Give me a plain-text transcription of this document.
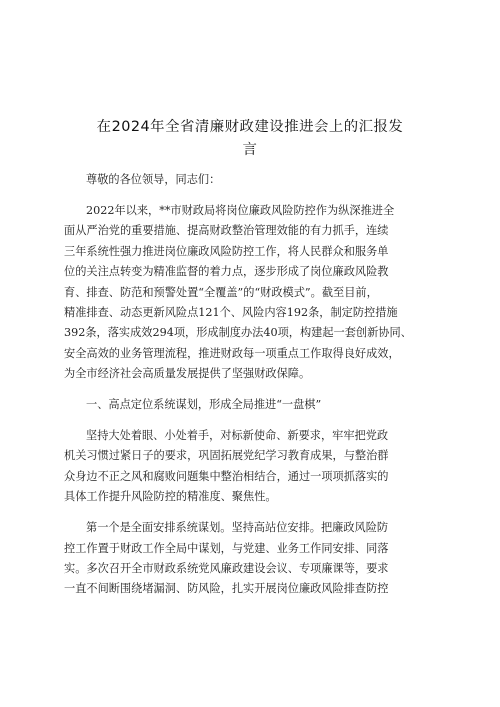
在2024年全省清廉财政建设推进会上的汇报发
言
尊敬的各位领导，同志们：
2022年以来，**市财政局将岗位廉政风险防控作为纵深推进全
面从严治党的重要措施、提高财政整治管理效能的有力抓手，连续
三年系统性强力推进岗位廉政风险防控工作，将人民群众和服务单
位的关注点转变为精准监督的着力点，逐步形成了岗位廉政风险教
育、排查、防范和预警处置“全覆盖”的“财政模式”。截至目前，
精准排查、动态更新风险点121个、风险内容192条，制定防控措施
392条，落实成效294项，形成制度办法40项，构建起一套创新协同、
安全高效的业务管理流程，推进财政每一项重点工作取得良好成效，
为全市经济社会高质量发展提供了坚强财政保障。
一、高点定位系统谋划，形成全局推进“一盘棋”
坚持大处着眼、小处着手，对标新使命、新要求，牢牢把党政
机关习惯过紧日子的要求，巩固拓展党纪学习教育成果，与整治群
众身边不正之风和腐败问题集中整治相结合，通过一项项抓落实的
具体工作提升风险防控的精准度、聚焦性。
第一个是全面安排系统谋划。坚持高站位安排。把廉政风险防
控工作置于财政工作全局中谋划，与党建、业务工作同安排、同落
实。多次召开全市财政系统党风廉政建设会议、专项廉课等，要求
一直不间断围绕堵漏洞、防风险，扎实开展岗位廉政风险排查防控
